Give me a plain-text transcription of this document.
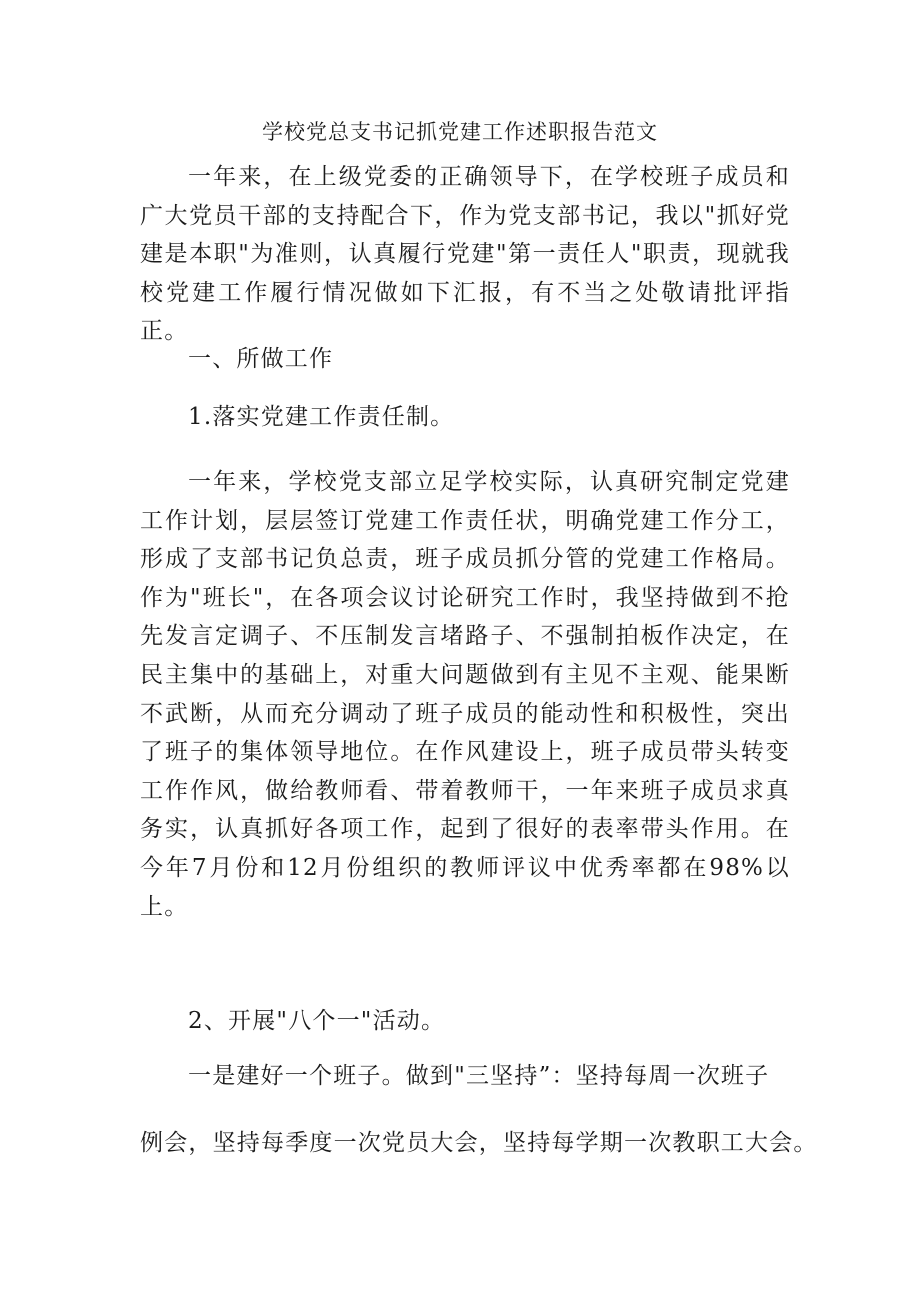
学校党总支书记抓党建工作述职报告范文

一年来，在上级党委的正确领导下，在学校班子成员和广大党员干部的支持配合下，作为党支部书记，我以"抓好党建是本职"为准则，认真履行党建"第一责任人"职责，现就我校党建工作履行情况做如下汇报，有不当之处敬请批评指正。

一、所做工作

1.落实党建工作责任制。

一年来，学校党支部立足学校实际，认真研究制定党建工作计划，层层签订党建工作责任状，明确党建工作分工，形成了支部书记负总责，班子成员抓分管的党建工作格局。作为"班长"，在各项会议讨论研究工作时，我坚持做到不抢先发言定调子、不压制发言堵路子、不强制拍板作决定，在民主集中的基础上，对重大问题做到有主见不主观、能果断不武断，从而充分调动了班子成员的能动性和积极性，突出了班子的集体领导地位。在作风建设上，班子成员带头转变工作作风，做给教师看、带着教师干，一年来班子成员求真务实，认真抓好各项工作，起到了很好的表率带头作用。在今年7月份和12月份组织的教师评议中优秀率都在98%以上。

2、开展"八个一"活动。

一是建好一个班子。做到"三坚持”：坚持每周一次班子

例会，坚持每季度一次党员大会，坚持每学期一次教职工大会。
